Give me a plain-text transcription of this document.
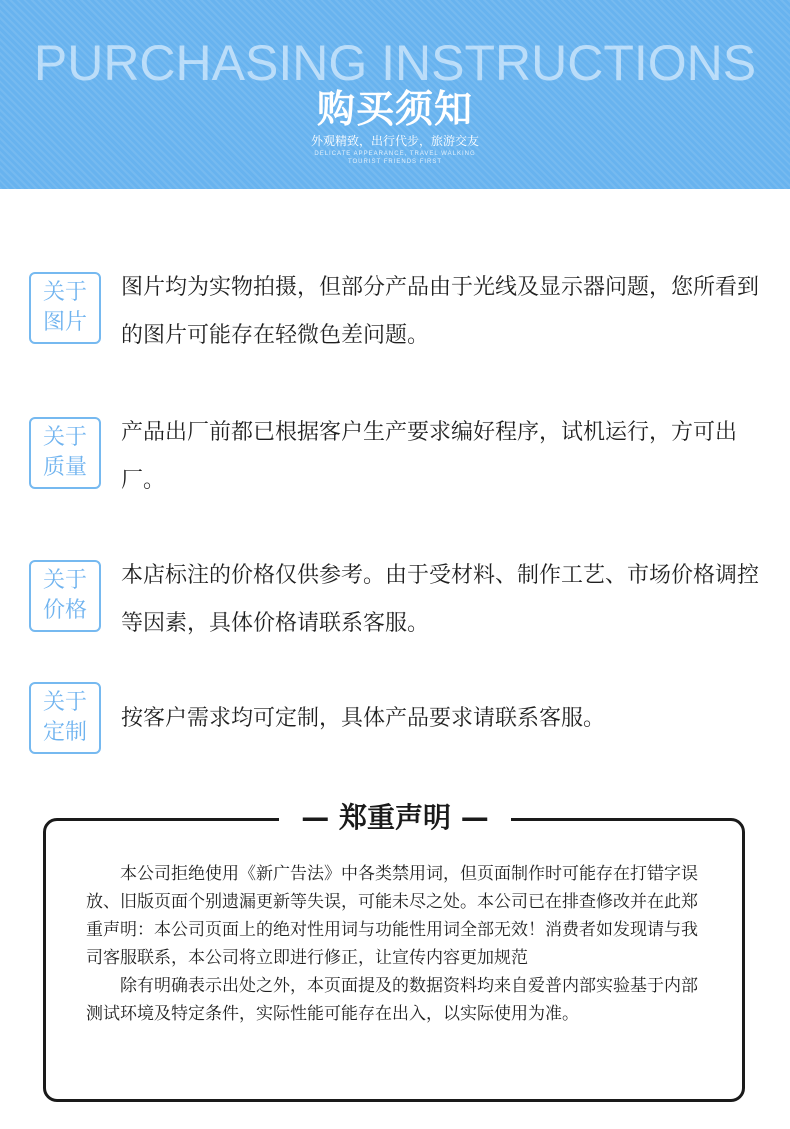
PURCHASING INSTRUCTIONS
购买须知
外观精致，出行代步，旅游交友
DELICATE APPEARANCE, TRAVEL WALKING
TOURIST FRIENDS FIRST
关于
图片
图片均为实物拍摄，但部分产品由于光线及显示器问题，您所看到的图片可能存在轻微色差问题。
关于
质量
产品出厂前都已根据客户生产要求编好程序，试机运行，方可出厂。
关于
价格
本店标注的价格仅供参考。由于受材料、制作工艺、市场价格调控等因素，具体价格请联系客服。
关于
定制
按客户需求均可定制，具体产品要求请联系客服。
— 郑重声明 —

本公司拒绝使用《新广告法》中各类禁用词，但页面制作时可能存在打错字误放、旧版页面个别遗漏更新等失误，可能未尽之处。本公司已在排查修改并在此郑重声明：本公司页面上的绝对性用词与功能性用词全部无效！消费者如发现请与我司客服联系，本公司将立即进行修正，让宣传内容更加规范

除有明确表示出处之外，本页面提及的数据资料均来自爱普内部实验基于内部测试环境及特定条件，实际性能可能存在出入，以实际使用为准。
